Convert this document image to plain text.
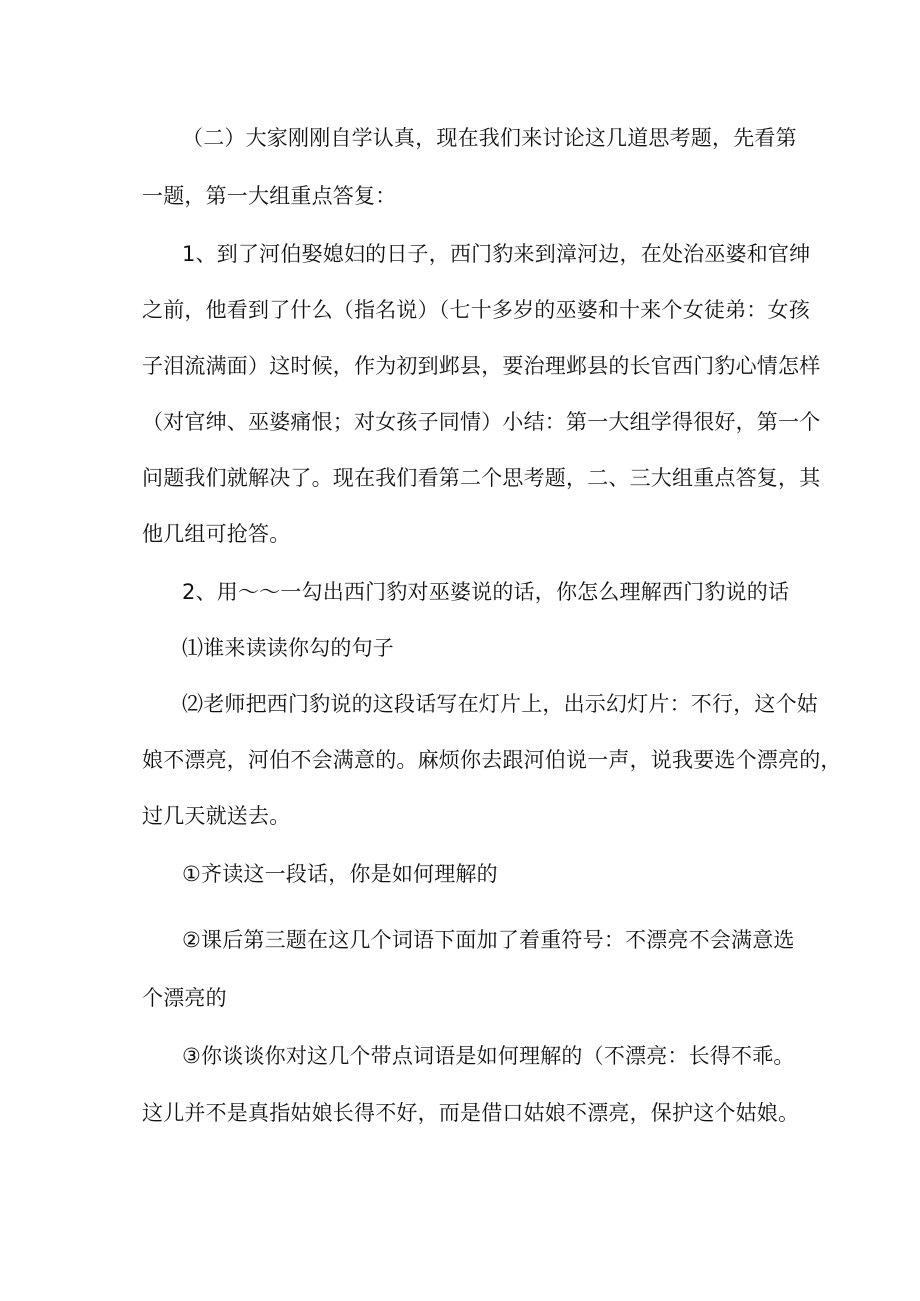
（二）大家刚刚自学认真，现在我们来讨论这几道思考题，先看第
一题，第一大组重点答复：
1、到了河伯娶媳妇的日子，西门豹来到漳河边，在处治巫婆和官绅
之前，他看到了什么（指名说）（七十多岁的巫婆和十来个女徒弟：女孩
子泪流满面）这时候，作为初到邺县，要治理邺县的长官西门豹心情怎样
（对官绅、巫婆痛恨；对女孩子同情）小结：第一大组学得很好，第一个
问题我们就解决了。现在我们看第二个思考题，二、三大组重点答复，其
他几组可抢答。
2、用～～一勾出西门豹对巫婆说的话，你怎么理解西门豹说的话
⑴谁来读读你勾的句子
⑵老师把西门豹说的这段话写在灯片上，出示幻灯片：不行，这个姑
娘不漂亮，河伯不会满意的。麻烦你去跟河伯说一声，说我要选个漂亮的，
过几天就送去。
①齐读这一段话，你是如何理解的
②课后第三题在这几个词语下面加了着重符号：不漂亮不会满意选
个漂亮的
③你谈谈你对这几个带点词语是如何理解的（不漂亮：长得不乖。
这儿并不是真指姑娘长得不好，而是借口姑娘不漂亮，保护这个姑娘。
